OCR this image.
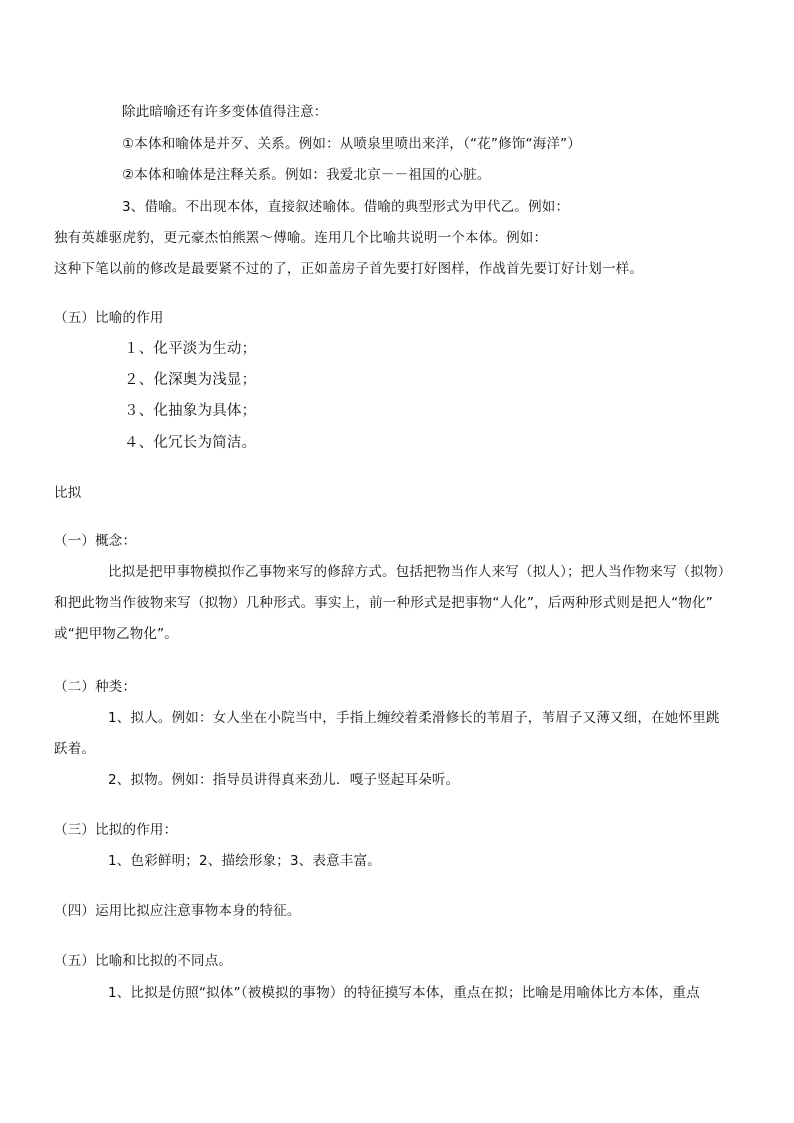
除此暗喻还有许多变体值得注意：
①本体和喻体是并歹、关系。例如：从喷泉里喷出来洋，（“花”修饰“海洋”）
②本体和喻体是注释关系。例如：我爱北京－－祖国的心脏。
3、借喻。不出现本体，直接叙述喻体。借喻的典型形式为甲代乙。例如：
独有英雄驱虎豹，更元豪杰怕熊罴～傅喻。连用几个比喻共说明一个本体。例如：
这种下笔以前的修改是最要紧不过的了，正如盖房子首先要打好图样，作战首先要订好计划一样。
（五）比喻的作用
１、化平淡为生动；
２、化深奥为浅显；
３、化抽象为具体；
４、化冗长为简洁。
比拟
（一）概念：
比拟是把甲事物模拟作乙事物来写的修辞方式。包括把物当作人来写（拟人）；把人当作物来写（拟物）
和把此物当作彼物来写（拟物）几种形式。事实上，前一种形式是把事物“人化”，后两种形式则是把人“物化”
或“把甲物乙物化”。
（二）种类：
1、拟人。例如：女人坐在小院当中，手指上缠绞着柔滑修长的苇眉子，苇眉子又薄又细，在她怀里跳
跃着。
2、拟物。例如：指导员讲得真来劲儿．嘎子竖起耳朵听。
（三）比拟的作用：
1、色彩鲜明；2、描绘形象；3、表意丰富。
（四）运用比拟应注意事物本身的特征。
（五）比喻和比拟的不同点。
1、比拟是仿照“拟体”（被模拟的事物）的特征摸写本体，重点在拟；比喻是用喻体比方本体，重点
